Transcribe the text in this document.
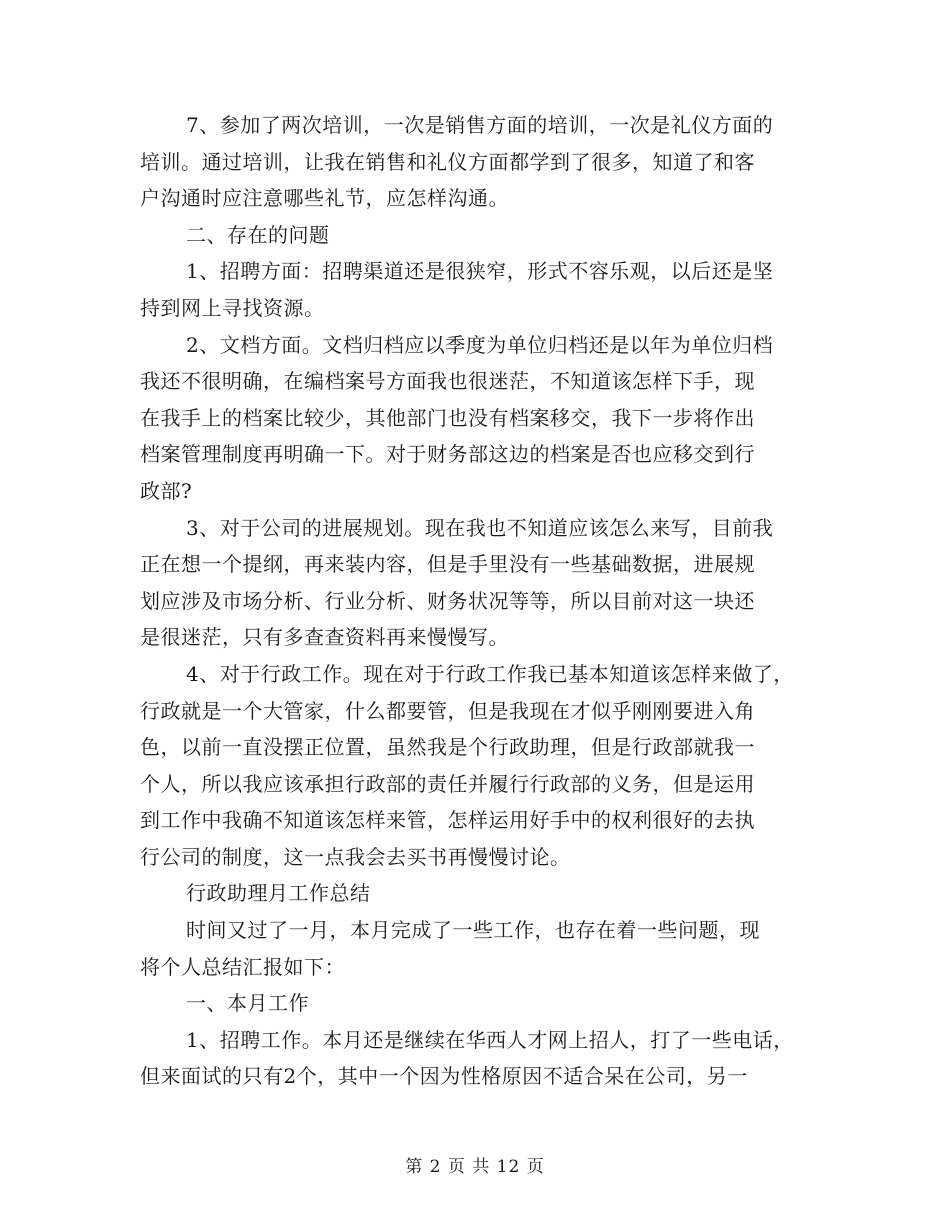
7、参加了两次培训，一次是销售方面的培训，一次是礼仪方面的
培训。通过培训，让我在销售和礼仪方面都学到了很多，知道了和客
户沟通时应注意哪些礼节，应怎样沟通。
二、存在的问题
1、招聘方面：招聘渠道还是很狭窄，形式不容乐观，以后还是坚
持到网上寻找资源。
2、文档方面。文档归档应以季度为单位归档还是以年为单位归档
我还不很明确，在编档案号方面我也很迷茫，不知道该怎样下手，现
在我手上的档案比较少，其他部门也没有档案移交，我下一步将作出
档案管理制度再明确一下。对于财务部这边的档案是否也应移交到行
政部?
3、对于公司的进展规划。现在我也不知道应该怎么来写，目前我
正在想一个提纲，再来装内容，但是手里没有一些基础数据，进展规
划应涉及市场分析、行业分析、财务状况等等，所以目前对这一块还
是很迷茫，只有多查查资料再来慢慢写。
4、对于行政工作。现在对于行政工作我已基本知道该怎样来做了，
行政就是一个大管家，什么都要管，但是我现在才似乎刚刚要进入角
色，以前一直没摆正位置，虽然我是个行政助理，但是行政部就我一
个人，所以我应该承担行政部的责任并履行行政部的义务，但是运用
到工作中我确不知道该怎样来管，怎样运用好手中的权利很好的去执
行公司的制度，这一点我会去买书再慢慢讨论。
行政助理月工作总结
时间又过了一月，本月完成了一些工作，也存在着一些问题，现
将个人总结汇报如下：
一、本月工作
1、招聘工作。本月还是继续在华西人才网上招人，打了一些电话，
但来面试的只有2个，其中一个因为性格原因不适合呆在公司，另一
第 2 页 共 12 页
